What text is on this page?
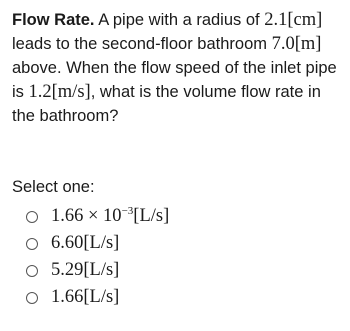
Flow Rate. A pipe with a radius of 2.1[cm] leads to the second-floor bathroom 7.0[m] above. When the flow speed of the inlet pipe is 1.2[m/s], what is the volume flow rate in the bathroom?
Select one:
$1.66 \times 10^{-3}[L/s]$
6.60[L/s]
5.29[L/s]
1.66[L/s]
